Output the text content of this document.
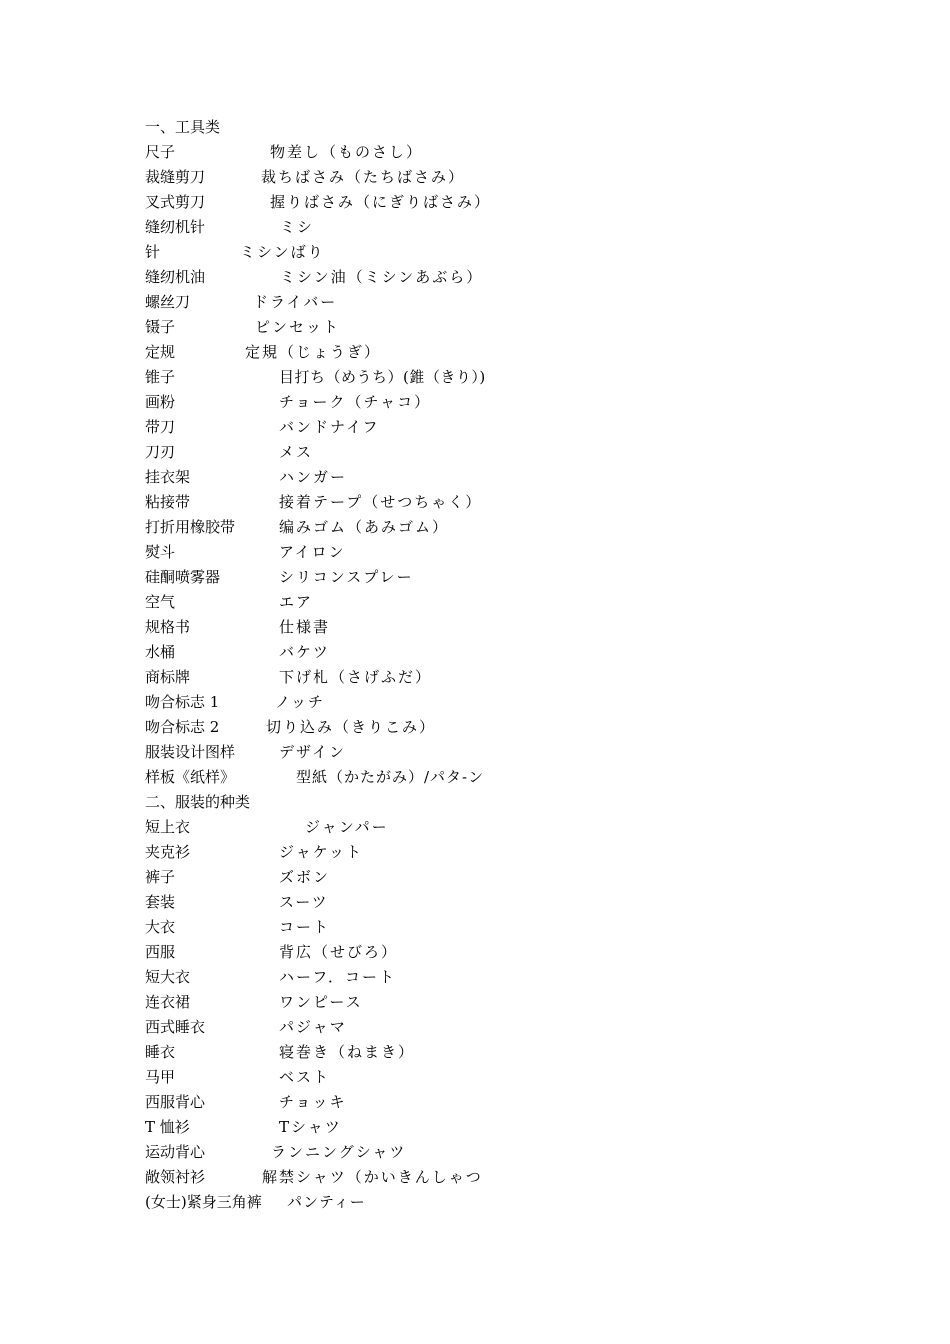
一、工具类
尺子	物差し（ものさし）
裁缝剪刀	裁ちばさみ（たちばさみ）
叉式剪刀	握りばさみ（にぎりばさみ）
缝纫机针	ミシ
针	ミシンばり
缝纫机油	ミシン油（ミシンあぶら）
螺丝刀	ドライバー
镊子	ピンセット
定规	定規（じょうぎ）
锥子	目打ち（めうち）(錐（きり）)
画粉	チョーク（チャコ）
带刀	バンドナイフ
刀刃	メス
挂衣架	ハンガー
粘接带	接着テープ（せつちゃく）
打折用橡胶带	编みゴム（あみゴム）
熨斗	アイロン
硅酮喷雾器	シリコンスプレー
空气	エア
规格书	仕様書
水桶	バケツ
商标牌	下げ札（さげふだ）
吻合标志 1	ノッチ
吻合标志 2	切り込み（きりこみ）
服装设计图样	デザイン
样板《纸样》	型紙（かたがみ）/パタ-ン
二、服装的种类
短上衣	ジャンパー
夹克衫	ジャケット
裤子	ズボン
套装	スーツ
大衣	コート
西服	背広（せびろ）
短大衣	ハーフ．コート
连衣裙	ワンピース
西式睡衣	パジャマ
睡衣	寝巻き（ねまき）
马甲	ベスト
西服背心	チョッキ
T 恤衫	Tシャツ
运动背心	ランニングシャツ
敞领衬衫	解禁シャツ（かいきんしゃつ
(女士)紧身三角裤 パンティー
